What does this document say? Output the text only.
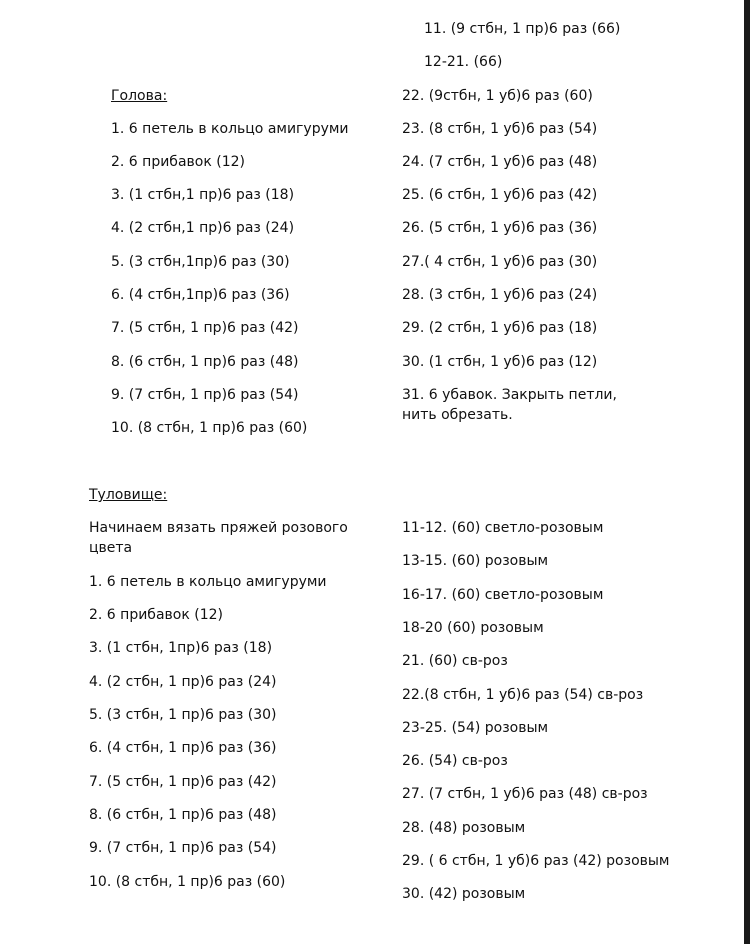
11. (9 стбн, 1 пр)6 раз (66)
12-21. (66)
Голова:
1. 6 петель в кольцо амигуруми
2. 6 прибавок (12)
3. (1 стбн,1 пр)6 раз (18)
4. (2 стбн,1 пр)6 раз (24)
5. (3 стбн,1пр)6 раз (30)
6. (4 стбн,1пр)6 раз (36)
7. (5 стбн, 1 пр)6 раз (42)
8. (6 стбн, 1 пр)6 раз (48)
9. (7 стбн, 1 пр)6 раз (54)
10. (8 стбн, 1 пр)6 раз (60)
22. (9стбн, 1 уб)6 раз (60)
23. (8 стбн, 1 уб)6 раз (54)
24. (7 стбн, 1 уб)6 раз (48)
25. (6 стбн, 1 уб)6 раз (42)
26. (5 стбн, 1 уб)6 раз (36)
27.( 4 стбн, 1 уб)6 раз (30)
28. (3 стбн, 1 уб)6 раз (24)
29. (2 стбн, 1 уб)6 раз (18)
30. (1 стбн, 1 уб)6 раз (12)
31. 6 убавок. Закрыть петли, нить обрезать.
Туловище:
Начинаем вязать пряжей розового цвета
1. 6 петель в кольцо амигуруми
2. 6 прибавок (12)
3. (1 стбн, 1пр)6 раз (18)
4. (2 стбн, 1 пр)6 раз (24)
5. (3 стбн, 1 пр)6 раз (30)
6. (4 стбн, 1 пр)6 раз (36)
7. (5 стбн, 1 пр)6 раз (42)
8. (6 стбн, 1 пр)6 раз (48)
9. (7 стбн, 1 пр)6 раз (54)
10. (8 стбн, 1 пр)6 раз (60)
11-12. (60) светло-розовым
13-15. (60) розовым
16-17. (60) светло-розовым
18-20 (60) розовым
21. (60) св-роз
22.(8 стбн, 1 уб)6 раз (54) св-роз
23-25. (54) розовым
26. (54) св-роз
27. (7 стбн, 1 уб)6 раз (48) св-роз
28. (48) розовым
29. ( 6 стбн, 1 уб)6 раз (42) розовым
30. (42) розовым
